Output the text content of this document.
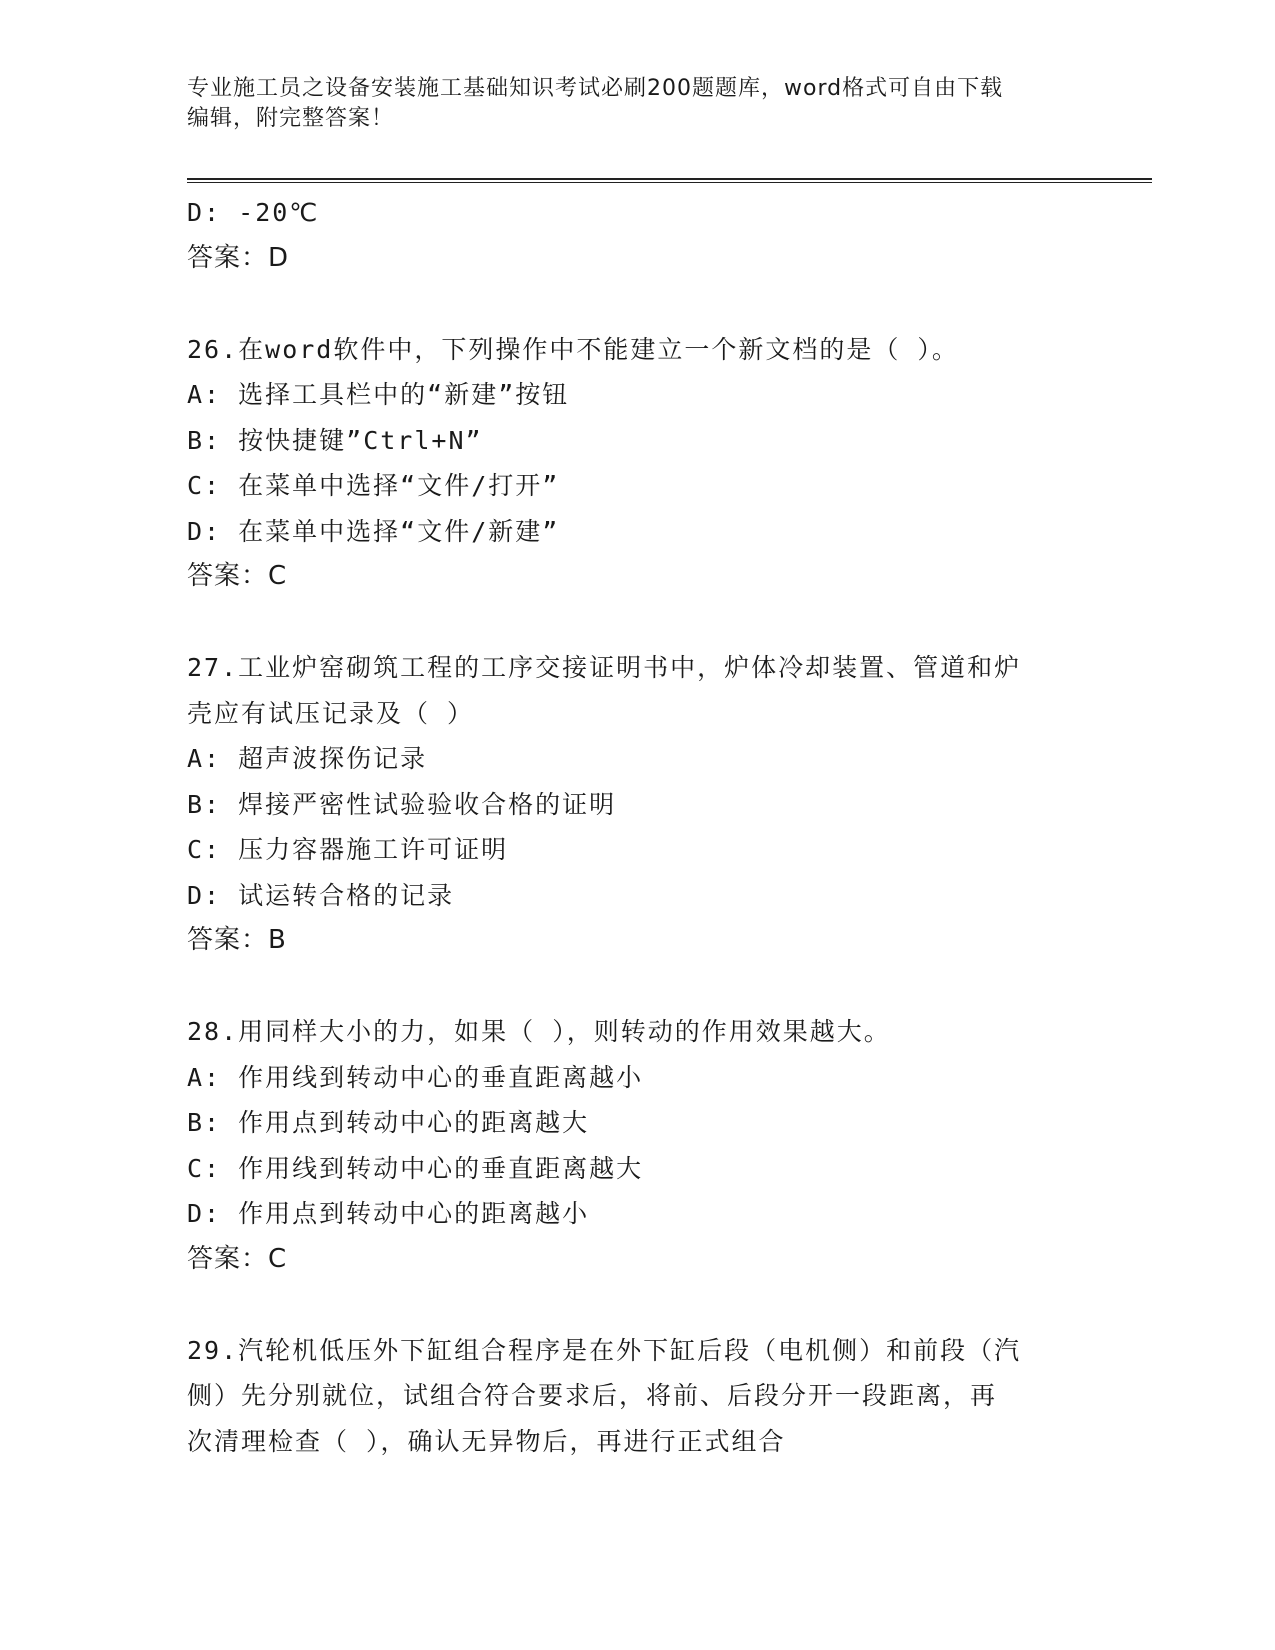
专业施工员之设备安装施工基础知识考试必刷200题题库，word格式可自由下载
编辑，附完整答案！
D: -20℃
答案：D
26.在word软件中，下列操作中不能建立一个新文档的是（ ）。
A: 选择工具栏中的“新建”按钮
B: 按快捷键”Ctrl+N”
C: 在菜单中选择“文件/打开”
D: 在菜单中选择“文件/新建”
答案：C
27.工业炉窑砌筑工程的工序交接证明书中，炉体冷却装置、管道和炉
壳应有试压记录及（ ）
A: 超声波探伤记录
B: 焊接严密性试验验收合格的证明
C: 压力容器施工许可证明
D: 试运转合格的记录
答案：B
28.用同样大小的力，如果（ ），则转动的作用效果越大。
A: 作用线到转动中心的垂直距离越小
B: 作用点到转动中心的距离越大
C: 作用线到转动中心的垂直距离越大
D: 作用点到转动中心的距离越小
答案：C
29.汽轮机低压外下缸组合程序是在外下缸后段（电机侧）和前段（汽
侧）先分别就位，试组合符合要求后，将前、后段分开一段距离，再
次清理检查（ ），确认无异物后，再进行正式组合
